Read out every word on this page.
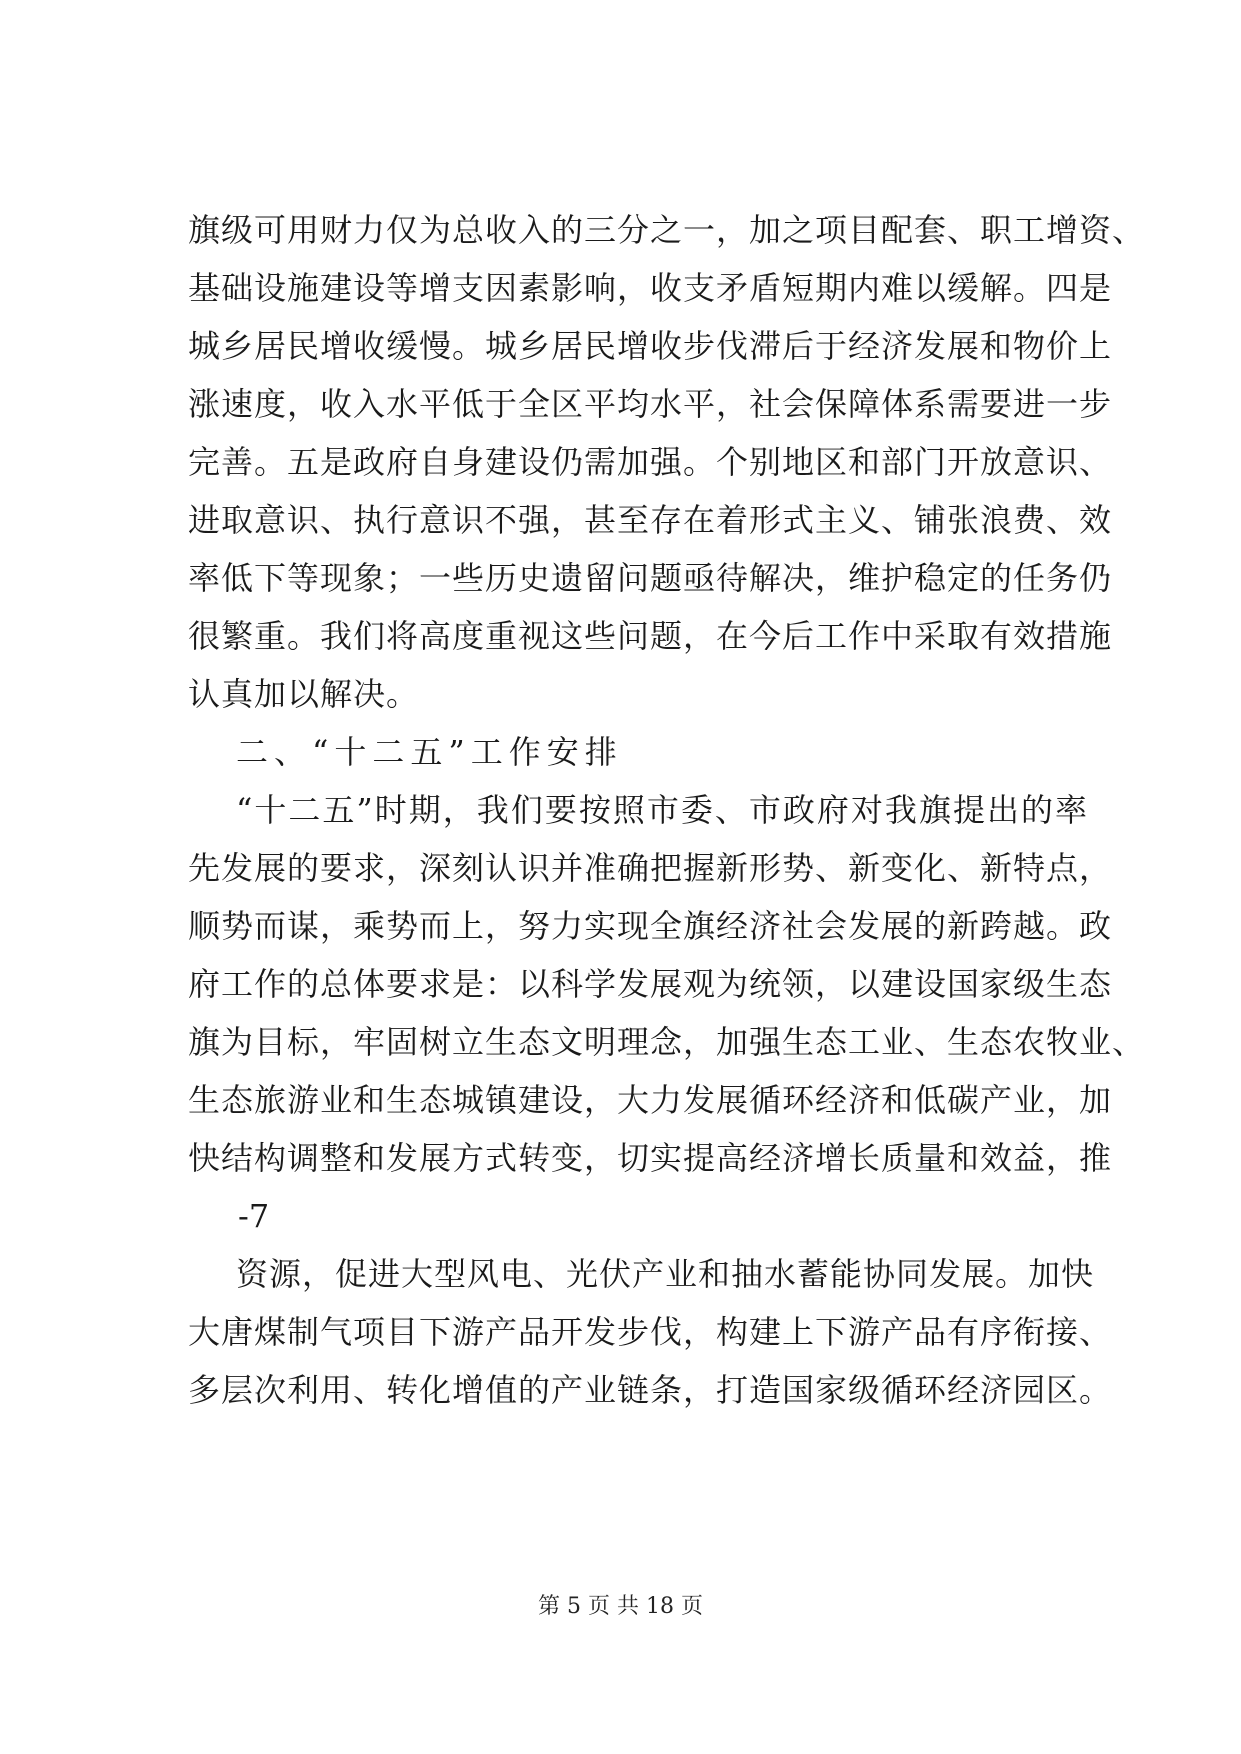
旗级可用财力仅为总收入的三分之一，加之项目配套、职工增资、
基础设施建设等增支因素影响，收支矛盾短期内难以缓解。四是
城乡居民增收缓慢。城乡居民增收步伐滞后于经济发展和物价上
涨速度，收入水平低于全区平均水平，社会保障体系需要进一步
完善。五是政府自身建设仍需加强。个别地区和部门开放意识、
进取意识、执行意识不强，甚至存在着形式主义、铺张浪费、效
率低下等现象；一些历史遗留问题亟待解决，维护稳定的任务仍
很繁重。我们将高度重视这些问题，在今后工作中采取有效措施
认真加以解决。
二、“十二五”工作安排
“十二五”时期，我们要按照市委、市政府对我旗提出的率
先发展的要求，深刻认识并准确把握新形势、新变化、新特点，
顺势而谋，乘势而上，努力实现全旗经济社会发展的新跨越。政
府工作的总体要求是：以科学发展观为统领，以建设国家级生态
旗为目标，牢固树立生态文明理念，加强生态工业、生态农牧业、
生态旅游业和生态城镇建设，大力发展循环经济和低碳产业，加
快结构调整和发展方式转变，切实提高经济增长质量和效益，推
-7
资源，促进大型风电、光伏产业和抽水蓄能协同发展。加快
大唐煤制气项目下游产品开发步伐，构建上下游产品有序衔接、
多层次利用、转化增值的产业链条，打造国家级循环经济园区。
第 5 页 共 18 页
